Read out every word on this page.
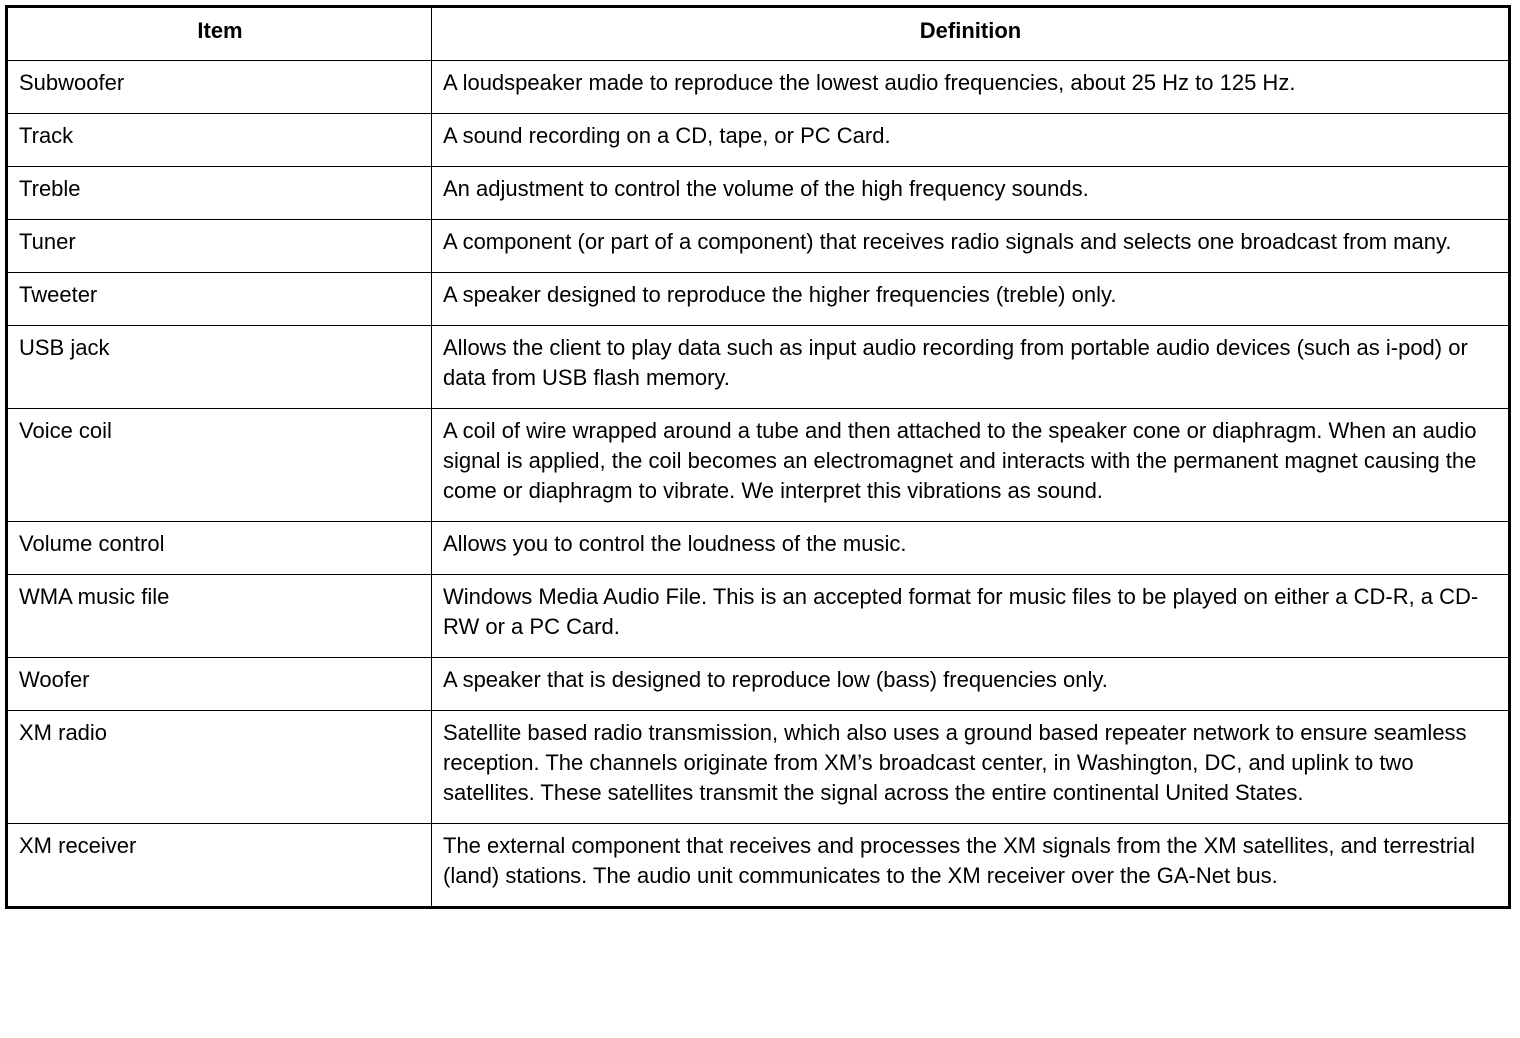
Item	Definition
Subwoofer	A loudspeaker made to reproduce the lowest audio frequencies, about 25 Hz to 125 Hz.
Track	A sound recording on a CD, tape, or PC Card.
Treble	An adjustment to control the volume of the high frequency sounds.
Tuner	A component (or part of a component) that receives radio signals and selects one broadcast from many.
Tweeter	A speaker designed to reproduce the higher frequencies (treble) only.
USB jack	Allows the client to play data such as input audio recording from portable audio devices (such as i-pod) or data from USB flash memory.
Voice coil	A coil of wire wrapped around a tube and then attached to the speaker cone or diaphragm. When an audio signal is applied, the coil becomes an electromagnet and interacts with the permanent magnet causing the come or diaphragm to vibrate. We interpret this vibrations as sound.
Volume control	Allows you to control the loudness of the music.
WMA music file	Windows Media Audio File. This is an accepted format for music files to be played on either a CD-R, a CD-RW or a PC Card.
Woofer	A speaker that is designed to reproduce low (bass) frequencies only.
XM radio	Satellite based radio transmission, which also uses a ground based repeater network to ensure seamless reception. The channels originate from XM’s broadcast center, in Washington, DC, and uplink to two satellites. These satellites transmit the signal across the entire continental United States.
XM receiver	The external component that receives and processes the XM signals from the XM satellites, and terrestrial (land) stations. The audio unit communicates to the XM receiver over the GA-Net bus.
